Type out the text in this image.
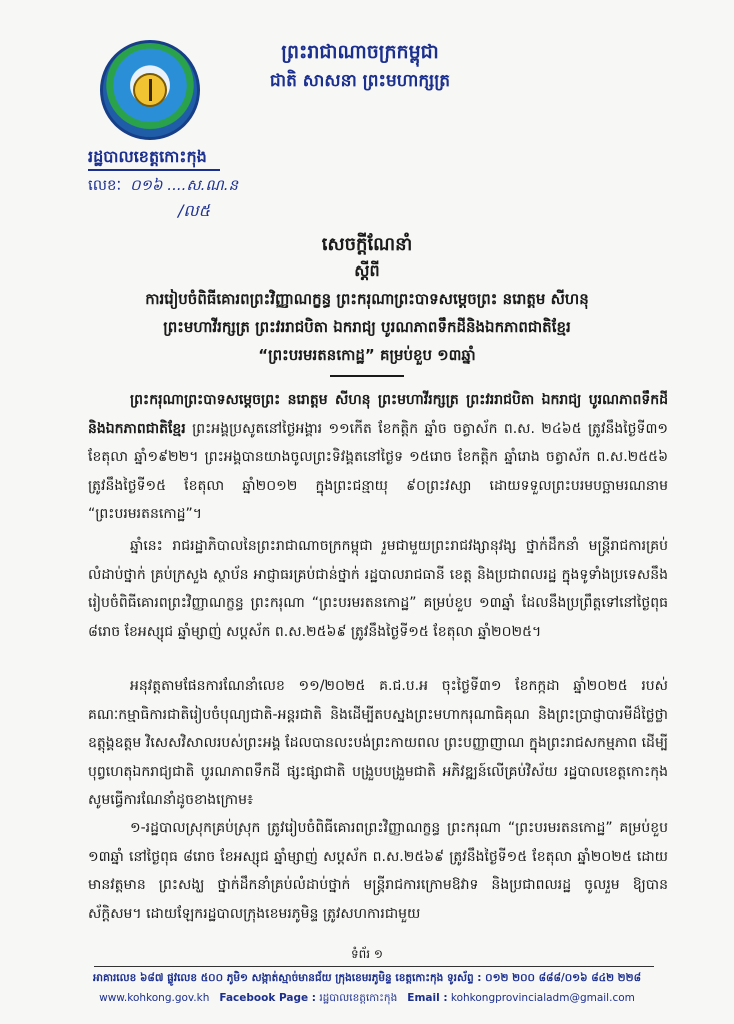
ព្រះរាជាណាចក្រកម្ពុជា
ជាតិ សាសនា ព្រះមហាក្សត្រ
រដ្ឋបាលខេត្តកោះកុង
លេខៈ ០១៦ ....ស.ណ.ន
/ល៥
សេចក្ដីណែនាំ
ស្តីពី
ការរៀបចំពិធីគោរពព្រះវិញ្ញាណក្ខន្ធ ព្រះករុណាព្រះបាទសម្ដេចព្រះ នរោត្តម សីហនុ
ព្រះមហាវីរក្សត្រ ព្រះវររាជបិតា ឯករាជ្យ បូរណភាពទឹកដីនិងឯកភាពជាតិខ្មែរ
“ព្រះបរមរតនកោដ្ឋ” គម្រប់ខួប ១៣ឆ្នាំ
ព្រះករុណាព្រះបាទសម្ដេចព្រះ នរោត្តម សីហនុ ព្រះមហាវីរក្សត្រ ព្រះវររាជបិតា ឯករាជ្យ បូរណភាពទឹកដី និងឯកភាពជាតិខ្មែរ ព្រះអង្គប្រសូតនៅថ្ងៃអង្គារ ១១កើត ខែកត្តិក ឆ្នាំច ចត្វាស័ក ព.ស. ២៤៦៥ ត្រូវនឹងថ្ងៃទី៣១ ខែតុលា ឆ្នាំ១៩២២។ ព្រះអង្គបានយាងចូលព្រះទិវង្គតនៅថ្ងៃទ ១៥រោច ខែកត្តិក ឆ្នាំរោង ចត្វាស័ក ព.ស.២៥៥៦ ត្រូវនឹងថ្ងៃទី១៥ ខែតុលា ឆ្នាំ២០១២ ក្នុងព្រះជន្មាយុ ៩០ព្រះវស្សា ដោយទទួលព្រះបរមបច្ឆាមរណនាម “ព្រះបរមរតនកោដ្ឋ”។
ឆ្នាំនេះ រាជរដ្ឋាភិបាលនៃព្រះរាជាណាចក្រកម្ពុជា រួមជាមួយព្រះរាជវង្សានុវង្ស ថ្នាក់ដឹកនាំ មន្រ្តីរាជការគ្រប់លំដាប់ថ្នាក់ គ្រប់ក្រសួង ស្ថាប័ន អាជ្ញាធរគ្រប់ជាន់ថ្នាក់ រដ្ឋបាលរាជធានី ខេត្ត និងប្រជាពលរដ្ឋ ក្នុងទូទាំងប្រទេសនឹងរៀបចំពិធីគោរពព្រះវិញ្ញាណក្ខន្ធ ព្រះករុណា “ព្រះបរមរតនកោដ្ឋ” គម្រប់ខួប ១៣ឆ្នាំ ដែលនឹងប្រព្រឹត្តទៅនៅថ្ងៃពុធ ៨រោច ខែអស្សុជ ឆ្នាំម្សាញ់ សប្តស័ក ព.ស.២៥៦៩ ត្រូវនឹងថ្ងៃទី១៥ ខែតុលា ឆ្នាំ២០២៥។
អនុវត្តតាមផែនការណែនាំលេខ ១១/២០២៥ គ.ជ.ប.អ ចុះថ្ងៃទី៣១ ខែកក្កដា ឆ្នាំ២០២៥ របស់គណៈកម្មាធិការជាតិរៀបចំបុណ្យជាតិ-អន្តរជាតិ និងដើម្បីតបស្នងព្រះមហាករុណាធិគុណ និងព្រះប្រាជ្ញាបារមីដ៏ថ្លៃថ្លា ឧត្តុង្គឧត្តម វិសេសវិសាលរបស់ព្រះអង្គ ដែលបានលះបង់ព្រះកាយពល ព្រះបញ្ញាញាណ ក្នុងព្រះរាជសកម្មភាព ដើម្បីបុព្វហេតុឯករាជ្យជាតិ បូរណភាពទឹកដី ផ្សះផ្សាជាតិ បង្រួបបង្រួមជាតិ អភិវឌ្ឍន៍លើគ្រប់វិស័យ រដ្ឋបាលខេត្តកោះកុង សូមធ្វើការណែនាំដូចខាងក្រោម៖
១-រដ្ឋបាលស្រុកគ្រប់ស្រុក ត្រូវរៀបចំពិធីគោរពព្រះវិញ្ញាណក្ខន្ធ ព្រះករុណា “ព្រះបរមរតនកោដ្ឋ” គម្រប់ខួប ១៣ឆ្នាំ នៅថ្ងៃពុធ ៨រោច ខែអស្សុជ ឆ្នាំម្សាញ់ សប្តស័ក ព.ស.២៥៦៩ ត្រូវនឹងថ្ងៃទី១៥ ខែតុលា ឆ្នាំ២០២៥ ដោយមានវត្តមាន ព្រះសង្ឃ ថ្នាក់ដឹកនាំគ្រប់លំដាប់ថ្នាក់ មន្ត្រីរាជការក្រោមឱវាទ និងប្រជាពលរដ្ឋ ចូលរួម ឱ្យបានស័ក្តិសម។ ដោយឡែករដ្ឋបាលក្រុងខេមរភូមិន្ទ ត្រូវសហការជាមួយ
ទំព័រ ១
អាគារលេខ ៦៨៧ ផ្លូវលេខ ៥០០ ភូមិ១ សង្កាត់ស្មាច់មានជ័យ ក្រុងខេមរភូមិន្ទ ខេត្តកោះកុង ទូរស័ព្ទ : ០១២ ២០០ ៨៨៨/០១៦ ៨៤២ ២២៨
www.kohkong.gov.kh Facebook Page : រដ្ឋបាលខេត្តកោះកុង Email : kohkongprovincialadm@gmail.com
